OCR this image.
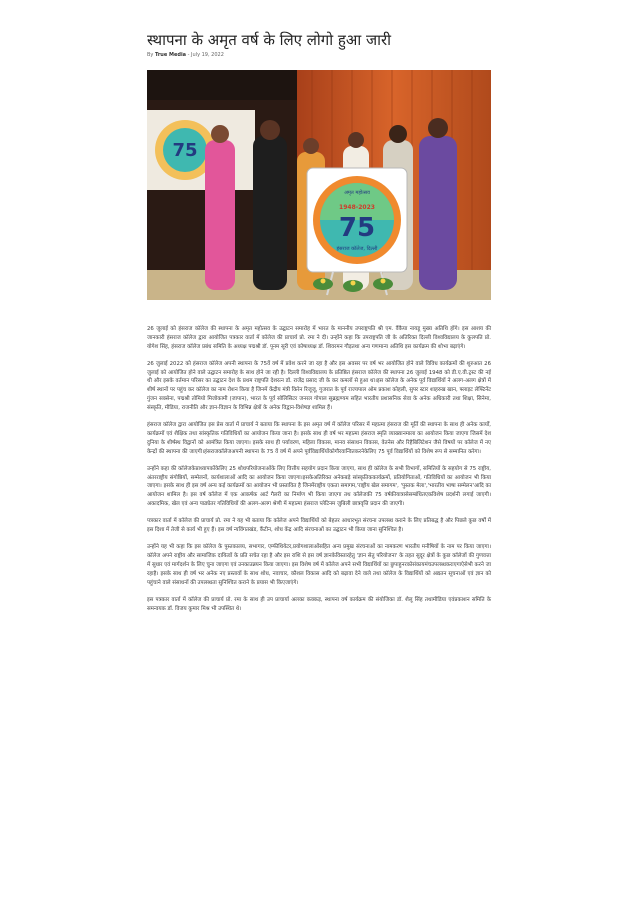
स्थापना के अमृत वर्ष के लिए लोगो हुआ जारी
By True Media - July 19, 2022
75
अमृत महोत्सव
1948-2023
75
हंसराज कॉलेज, दिल्ली

26 जुलाई को हंसराज कॉलेज की स्थापना के अमृत महोत्सव के उद्घाटन समारोह में भारत के माननीय उपराष्ट्रपति श्री एम. वैंकैया नायडू मुख्य अतिथि होंगे। इस आशय की जानकारी हंसराज कॉलेज द्वारा आयोजित पत्रकार वार्ता में कॉलेज की प्राचार्य प्रो. रमा ने दी। उन्होंने कहा कि उपराष्ट्रपति जी के अतिरिक्त दिल्ली विश्वविद्यालय के कुलपति प्रो. योगेश सिंह, हंसराज कॉलेज प्रबंध समिति के अध्यक्ष पद्मश्री डॉ. पूनम सूरी एवं कोषाध्यक्ष डॉ. शिवरमन गौड़तथा अन्य गणमान्य अतिथि इस कार्यक्रम की शोभा बढ़ाएंगे।

26 जुलाई 2022 को हंसराज कॉलेज अपनी स्थापना के 75वें वर्ष में प्रवेश करने जा रहा है और इस अवसर पर वर्ष भर आयोजित होने वाले विविध कार्यक्रमों की शुरुआत 26 जुलाई को आयोजित होने वाले उद्घाटन समारोह के साथ होने जा रही है। दिल्ली विश्वविद्यालय के प्रतिष्ठित हंसराज कॉलेज की स्थापना 26 जुलाई 1948 को डी.ए.वी.ट्रस्ट की नई थी और इसके वर्तमान परिसर का उद्घाटन देश के प्रथम राष्ट्रपति देशरत्न डॉ. राजेंद्र प्रसाद जी के कर कमलों से हुआ था।इस कॉलेज के अनेक पूर्व विद्यार्थियों ने अलग-अलग क्षेत्रों में शीर्ष स्थानों पर पहुंच कर कॉलेज का नाम रोशन किया है जिनमें केंद्रीय मंत्री किरेन रिजूजू, गुजरात के पूर्व राज्यपाल ओम प्रकाश कोहली, सुपर स्टार शाहरुख खान, फ्लाइट लेफ्टिनेंट गुंजन सक्सेना, पद्मश्री तोमियो मिजोकामी (जापान), भारत के पूर्व सोलिसिटर जनरल गोपाल सुब्रह्मण्यम सहित भारतीय प्रशासनिक सेवा के अनेक अधिकारी तथा शिक्षा, सिनेमा, संस्कृति, मीडिया, राजनीति और ज्ञान-विज्ञान के विभिन्न क्षेत्रों के अनेक विद्वान-विशेषज्ञ शामिल हैं।

हंसराज कॉलेज द्वारा आयोजित इस प्रेस वार्ता में प्राचार्य ने बताया कि स्थापना के इस अमृत वर्ष में कॉलेज परिसर में महात्मा हंसराज की मूर्ति की स्थापना के साथ ही अनेक कार्यों, कार्यक्रमों एवं शैक्षिक तथा सांस्कृतिक गतिविधियों का आयोजन किया जाना है। इसके साथ ही वर्ष भर महात्मा हंसराज स्मृति व्याख्यानमाला का आयोजन किया जाएगा जिसमें देश दुनिया के शीर्षस्थ विद्वानों को आमंत्रित किया जाएगा। इसके साथ ही पर्यावरण, महिला विकास, मानव संसाधन विकास, वेतनेस और रिहैबिलिटेशन जैसे विषयों पर कॉलेज में नए केन्द्रों की स्थापना की जाएगी।हंसराजकॉलेजअपनी स्थापना के 75 वें वर्ष में अपने पूर्वविद्यार्थियोंकोगौरवान्वितकरनेकेलिए 75 पूर्व विद्यार्थियों को विशेष रूप से सम्मानित करेगा।

उन्होंने कहा की कॉलेजकेप्राध्यापकोंकेलिए 25 शोधपरियोजनाओंके लिए वित्तीय सहयोग प्रदान किया जाएगा, साथ ही कॉलेज के सभी विभागों, समितियों के सहयोग से 75 राष्ट्रीय, अंतरराष्ट्रीय संगोष्ठियों, सम्मेलनों, कार्यशालाओं आदि का आयोजन किया जाएगा।इसकेअतिरिक्त अनेकबड़े सांस्कृतिककार्यक्रमों, प्रतियोगिताओं, गतिविधियों का आयोजन भी किया जाएगा। इसके साथ ही इस वर्ष अन्य कई कार्यक्रमों का आयोजन भी प्रस्तावित है जिनमेंराष्ट्रीय एकता समागम,'राष्ट्रीय खेल समागम', 'पुस्तक मेला','भारतीय भाषा सम्मेलन'आदि का आयोजन शामिल है। इस वर्ष कॉलेज में एक आकर्षक आर्ट गैलरी का निर्माण भी किया जाएगा तथ कॉलेजकी 75 वर्षकीयात्रासेसम्बंधितएकविशेष प्रदर्शनी लगाई जाएगी।अकादमिक, खेल एवं अन्य पाठ्येतर गतिविधियों की अलग-अलग श्रेणी में महात्मा हंसराज प्लेटिनम जुबिली छात्रवृत्ति प्रदान की जाएगी।

पत्रकार वार्ता में कॉलेज की प्राचार्य प्रो. रमा ने यह भी बताया कि कॉलेज अपने विद्यार्थियों को बेहतर आधारभूत संरचना उपलब्ध कराने के लिए प्रतिबद्ध है और पिछले कुछ वर्षों में इस दिशा में तेजी से कार्य भी हुए हैं। इस वर्ष न्यविंगतखंड, कैंटीन, शोध केंद्र आदि संरचनाओं का उद्घाटन भी किया जाना सुनिश्चित है।

उन्होंने यह भी कहा कि इस कॉलेज के पुस्तकालय, सभागार, एम्फीथियेटर,प्रयोगशालाओंसहित अन्य प्रमुख संरचनाओं का नामकरण भारतीय मनीषियों के नाम पर किया जाएगा।कॉलेज अपने राष्ट्रीय और सामाजिक दायित्वों के प्रति सचेत रहा है और इस राशि से इस वर्ष ज्ञानकेविस्तारहेतु 'ज्ञान सेतु परियोजना' के तहत सुदूर क्षेत्रों के कुछ कॉलेजों की गुणवत्ता में सुधार एवं मार्गदर्शन के लिए चुना जाएगा एवं उनकाउन्नयन किया जाएगा। इस विशेष वर्ष में कॉलेज अपने सभी विद्यार्थियों का छुपाहुनरकोसंकायमंचउपलब्धकराएगाऐसेभी करने जा रहाहै। इसके साथ ही वर्ष भर अनेक नए प्रस्तावों के साथ शोध, नवाचार, कौशल विकास आदि को बढ़ावा देने वाले तथा कॉलेज के विद्यार्थियों को अद्यतन सूचनाओं एवं ज्ञान को पहुंचाने वाले संसाधनों की उपलब्धता सुनिश्चित कराने के प्रयास भी किएजाएंगे।

इस पत्रकार वार्ता में कॉलेज की प्राचार्य प्रो. रमा के साथ ही उप प्राचार्या अलका कक्कड़, स्थापना वर्ष कार्यक्रम की संयोजिका डॉ. शैलू सिंह तथामीडिया एवंप्रकाशन समिति के समन्वयक डॉ. विजय कुमार मिश्र भी उपस्थित थे।
